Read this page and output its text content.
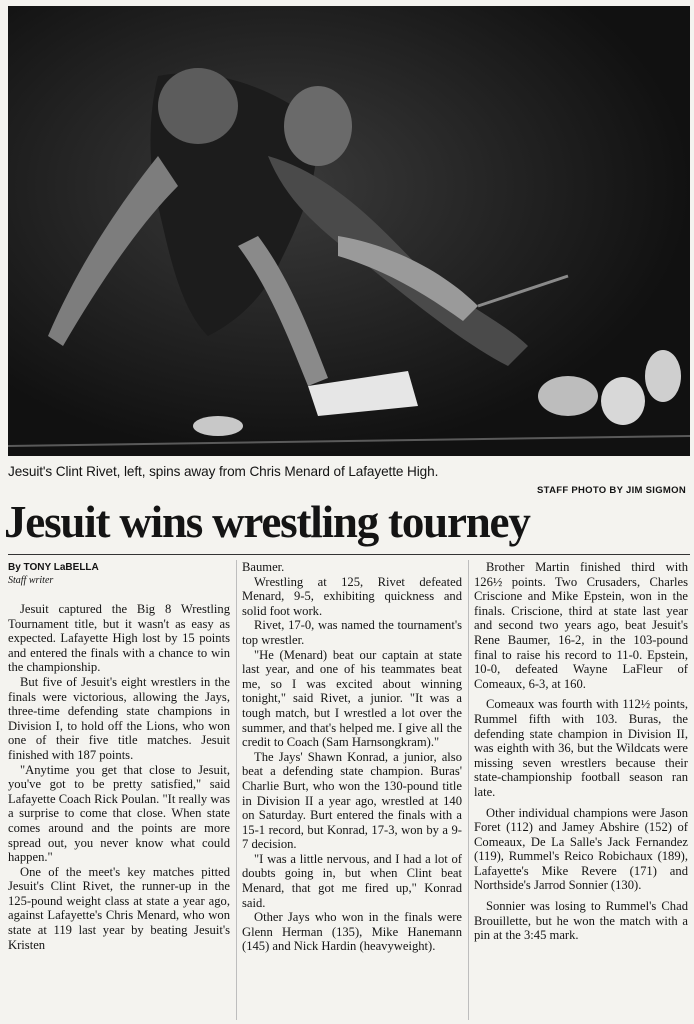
Jesuit's Clint Rivet, left, spins away from Chris Menard of Lafayette High.
STAFF PHOTO BY JIM SIGMON
Jesuit wins wrestling tourney
By TONY LaBELLA
Staff writer

Jesuit captured the Big 8 Wrestling Tournament title, but it wasn't as easy as expected. Lafayette High lost by 15 points and entered the finals with a chance to win the championship.

But five of Jesuit's eight wrestlers in the finals were victorious, allowing the Jays, three-time defending state champions in Division I, to hold off the Lions, who won one of their five title matches. Jesuit finished with 187 points.

"Anytime you get that close to Jesuit, you've got to be pretty satisfied," said Lafayette Coach Rick Poulan. "It really was a surprise to come that close. When state comes around and the points are more spread out, you never know what could happen."

One of the meet's key matches pitted Jesuit's Clint Rivet, the runner-up in the 125-pound weight class at state a year ago, against Lafayette's Chris Menard, who won state at 119 last year by beating Jesuit's Kristen

Baumer.

Wrestling at 125, Rivet defeated Menard, 9-5, exhibiting quickness and solid foot work.

Rivet, 17-0, was named the tournament's top wrestler.

"He (Menard) beat our captain at state last year, and one of his teammates beat me, so I was excited about winning tonight," said Rivet, a junior. "It was a tough match, but I wrestled a lot over the summer, and that's helped me. I give all the credit to Coach (Sam Harnsongkram)."

The Jays' Shawn Konrad, a junior, also beat a defending state champion. Buras' Charlie Burt, who won the 130-pound title in Division II a year ago, wrestled at 140 on Saturday. Burt entered the finals with a 15-1 record, but Konrad, 17-3, won by a 9-7 decision.

"I was a little nervous, and I had a lot of doubts going in, but when Clint beat Menard, that got me fired up," Konrad said.

Other Jays who won in the finals were Glenn Herman (135), Mike Hanemann (145) and Nick Hardin (heavyweight).

Brother Martin finished third with 126½ points. Two Crusaders, Charles Criscione and Mike Epstein, won in the finals. Criscione, third at state last year and second two years ago, beat Jesuit's Rene Baumer, 16-2, in the 103-pound final to raise his record to 11-0. Epstein, 10-0, defeated Wayne LaFleur of Comeaux, 6-3, at 160.

Comeaux was fourth with 112½ points, Rummel fifth with 103. Buras, the defending state champion in Division II, was eighth with 36, but the Wildcats were missing seven wrestlers because their state-championship football season ran late.

Other individual champions were Jason Foret (112) and Jamey Abshire (152) of Comeaux, De La Salle's Jack Fernandez (119), Rummel's Reico Robichaux (189), Lafayette's Mike Revere (171) and Northside's Jarrod Sonnier (130).

Sonnier was losing to Rummel's Chad Brouillette, but he won the match with a pin at the 3:45 mark.
